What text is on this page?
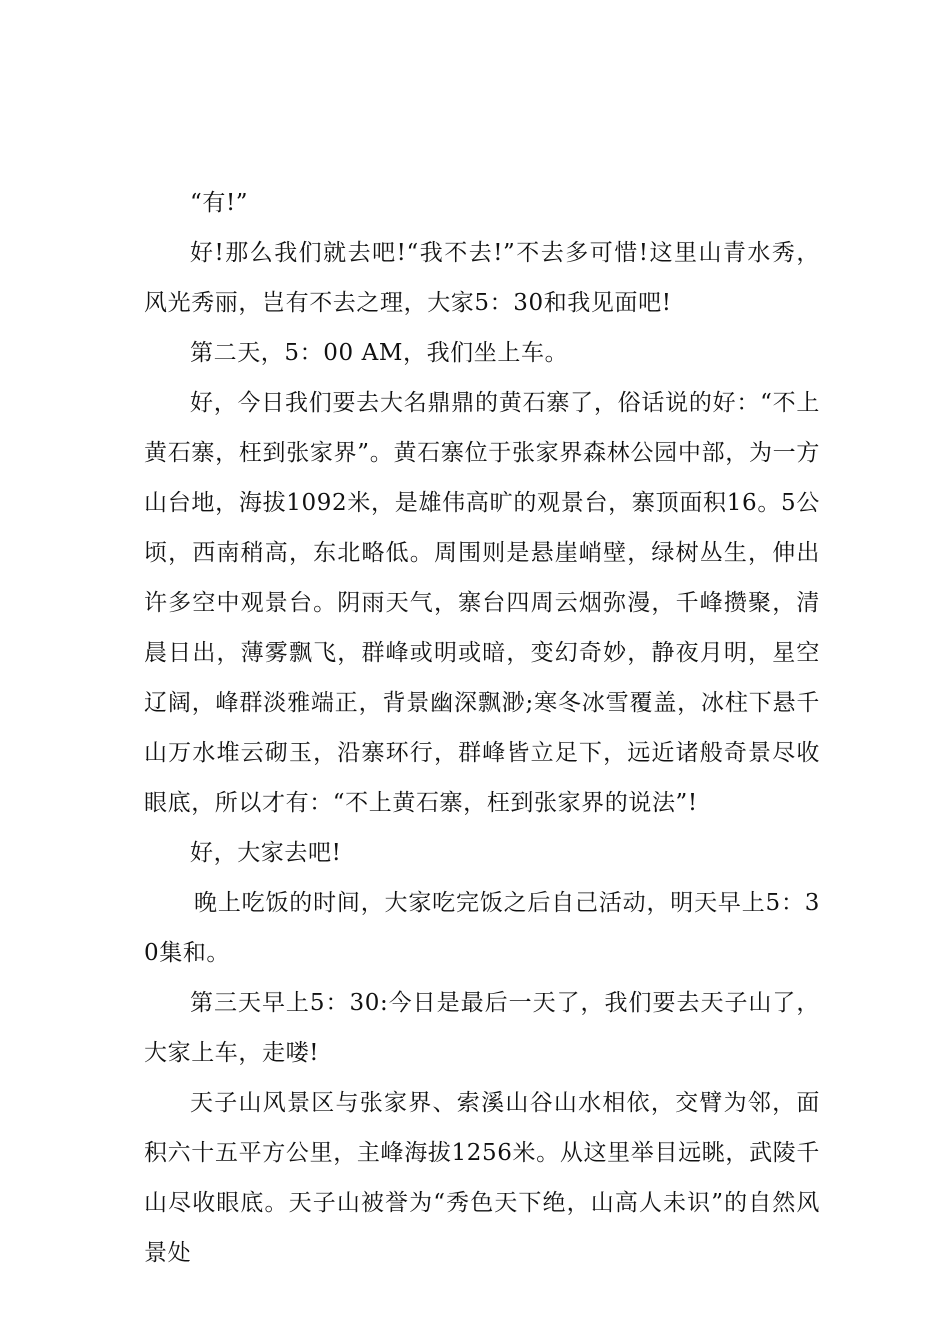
“有!”

好!那么我们就去吧!“我不去!”不去多可惜!这里山青水秀，风光秀丽，岂有不去之理，大家5：30和我见面吧!

第二天，5：00 AM，我们坐上车。

好，今日我们要去大名鼎鼎的黄石寨了，俗话说的好：“不上黄石寨，枉到张家界”。黄石寨位于张家界森林公园中部，为一方山台地，海拔1092米，是雄伟高旷的观景台，寨顶面积16。5公顷，西南稍高，东北略低。周围则是悬崖峭壁，绿树丛生，伸出许多空中观景台。阴雨天气，寨台四周云烟弥漫，千峰攒聚，清晨日出，薄雾飘飞，群峰或明或暗，变幻奇妙，静夜月明，星空辽阔，峰群淡雅端正，背景幽深飘渺;寒冬冰雪覆盖，冰柱下悬千山万水堆云砌玉，沿寨环行，群峰皆立足下，远近诸般奇景尽收眼底，所以才有：“不上黄石寨，枉到张家界的说法”!

好，大家去吧!

晚上吃饭的时间，大家吃完饭之后自己活动，明天早上5：30集和。

第三天早上5：30:今日是最后一天了，我们要去天子山了，大家上车，走喽!

天子山风景区与张家界、索溪山谷山水相依，交臂为邻，面积六十五平方公里，主峰海拔1256米。从这里举目远眺，武陵千山尽收眼底。天子山被誉为“秀色天下绝，山高人未识”的自然风景处
